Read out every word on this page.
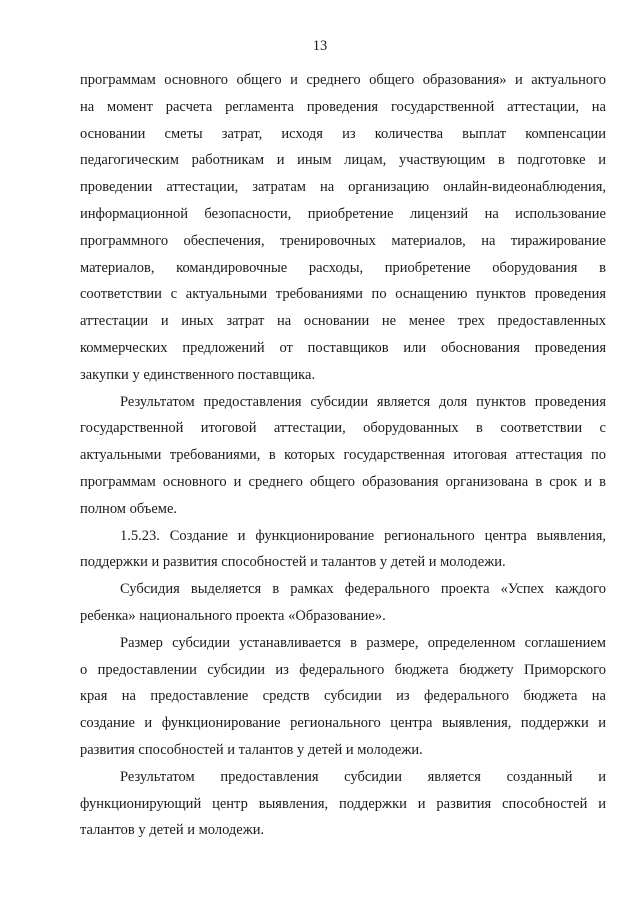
13
программам основного общего и среднего общего образования» и актуального
на момент расчета регламента проведения государственной аттестации, на
основании сметы затрат, исходя из количества выплат компенсации
педагогическим работникам и иным лицам, участвующим в подготовке и
проведении аттестации, затратам на организацию онлайн-видеонаблюдения,
информационной безопасности, приобретение лицензий на использование
программного обеспечения, тренировочных материалов, на тиражирование
материалов, командировочные расходы, приобретение оборудования в
соответствии с актуальными требованиями по оснащению пунктов проведения
аттестации и иных затрат на основании не менее трех предоставленных
коммерческих предложений от поставщиков или обоснования проведения
закупки у единственного поставщика.
Результатом предоставления субсидии является доля пунктов проведения
государственной итоговой аттестации, оборудованных в соответствии с
актуальными требованиями, в которых государственная итоговая аттестация по
программам основного и среднего общего образования организована в срок и в
полном объеме.
1.5.23. Создание и функционирование регионального центра выявления,
поддержки и развития способностей и талантов у детей и молодежи.
Субсидия выделяется в рамках федерального проекта «Успех каждого
ребенка» национального проекта «Образование».
Размер субсидии устанавливается в размере, определенном соглашением
о предоставлении субсидии из федерального бюджета бюджету Приморского
края на предоставление средств субсидии из федерального бюджета на
создание и функционирование регионального центра выявления, поддержки и
развития способностей и талантов у детей и молодежи.
Результатом предоставления субсидии является созданный и
функционирующий центр выявления, поддержки и развития способностей и
талантов у детей и молодежи.
